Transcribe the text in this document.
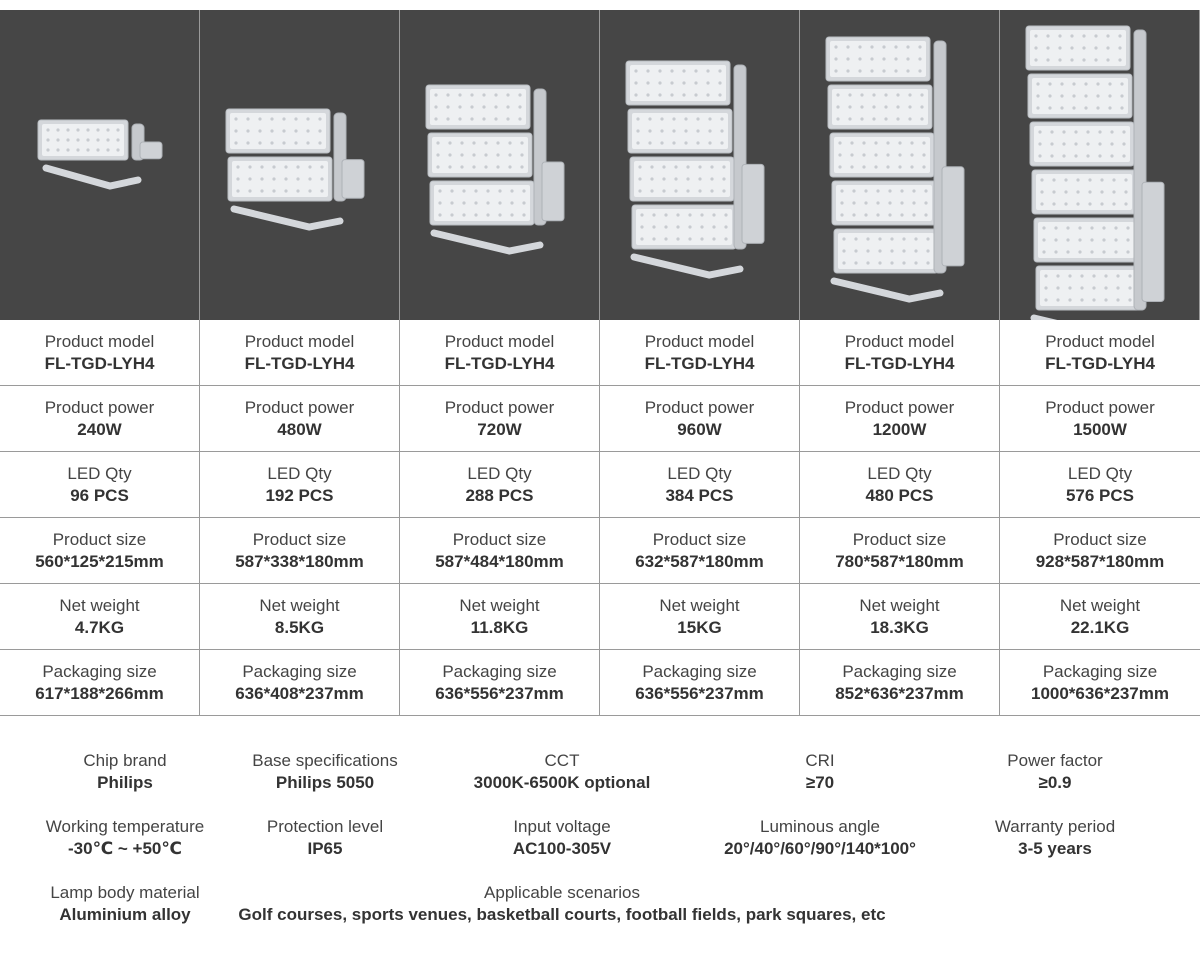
Product model
FL-TGD-LYH4
Product model
FL-TGD-LYH4
Product model
FL-TGD-LYH4
Product model
FL-TGD-LYH4
Product model
FL-TGD-LYH4
Product model
FL-TGD-LYH4
Product power
240W
Product power
480W
Product power
720W
Product power
960W
Product power
1200W
Product power
1500W
LED Qty
96 PCS
LED Qty
192 PCS
LED Qty
288 PCS
LED Qty
384 PCS
LED Qty
480 PCS
LED Qty
576 PCS
Product size
560*125*215mm
Product size
587*338*180mm
Product size
587*484*180mm
Product size
632*587*180mm
Product size
780*587*180mm
Product size
928*587*180mm
Net weight
4.7KG
Net weight
8.5KG
Net weight
11.8KG
Net weight
15KG
Net weight
18.3KG
Net weight
22.1KG
Packaging size
617*188*266mm
Packaging size
636*408*237mm
Packaging size
636*556*237mm
Packaging size
636*556*237mm
Packaging size
852*636*237mm
Packaging size
1000*636*237mm
Chip brand
Philips
Base specifications
Philips 5050
CCT
3000K-6500K optional
CRI
≥70
Power factor
≥0.9
Working temperature
-30℃ ~ +50℃
Protection level
IP65
Input voltage
AC100-305V
Luminous angle
20°/40°/60°/90°/140*100°
Warranty period
3-5 years
Lamp body material
Aluminium alloy
Applicable scenarios
Golf courses, sports venues, basketball courts, football fields, park squares, etc
